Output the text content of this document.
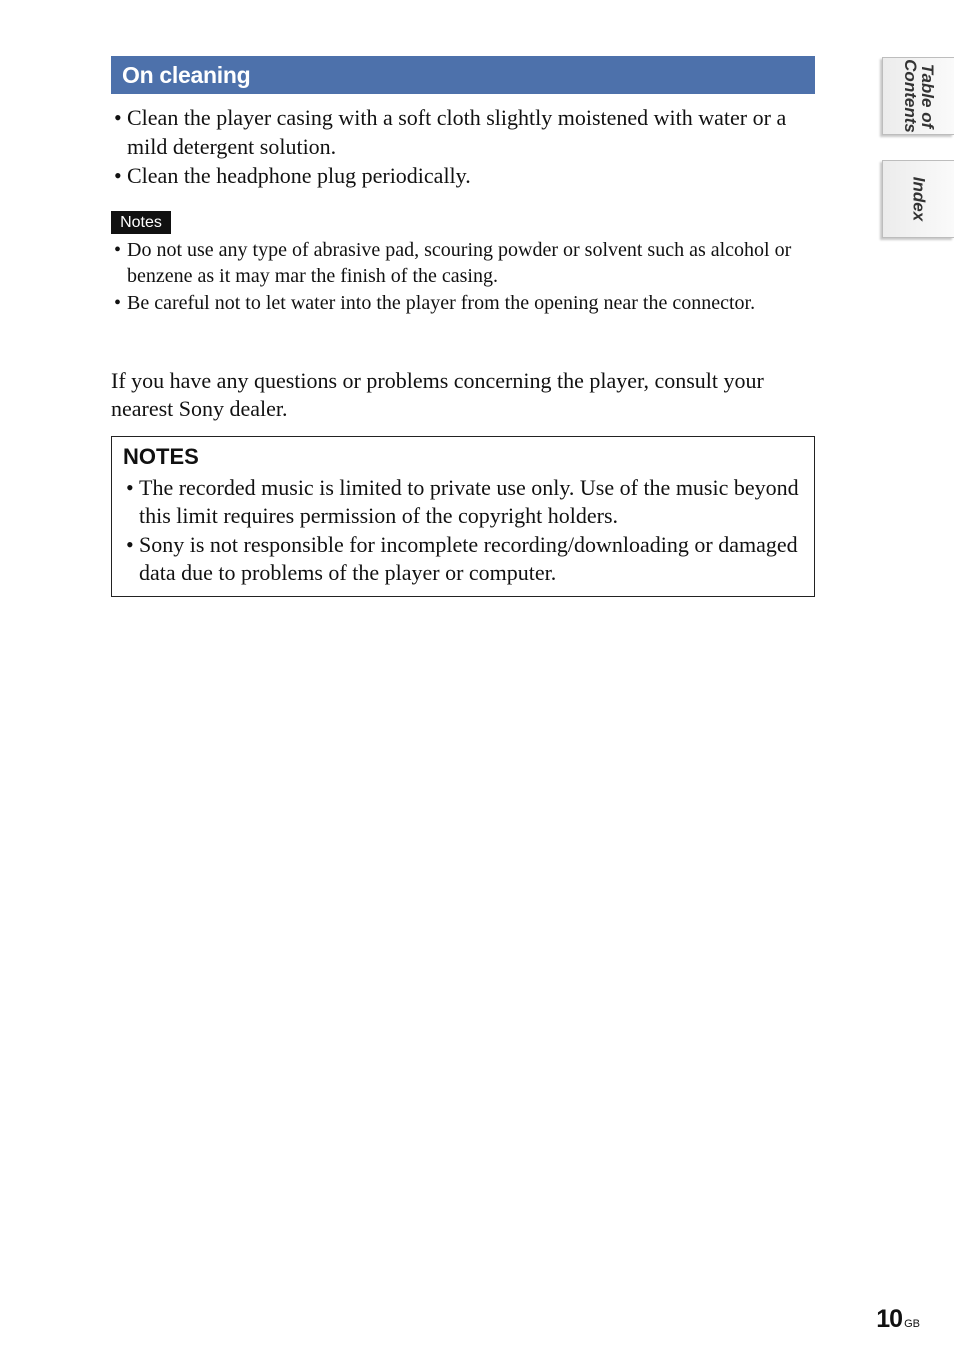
On cleaning
• Clean the player casing with a soft cloth slightly moistened with water or a mild detergent solution.
• Clean the headphone plug periodically.
Notes
• Do not use any type of abrasive pad, scouring powder or solvent such as alcohol or benzene as it may mar the finish of the casing.
• Be careful not to let water into the player from the opening near the connector.

If you have any questions or problems concerning the player, consult your nearest Sony dealer.

NOTES
• The recorded music is limited to private use only. Use of the music beyond this limit requires permission of the copyright holders.
• Sony is not responsible for incomplete recording/downloading or damaged data due to problems of the player or computer.
Table of
Contents
Index
10 GB
